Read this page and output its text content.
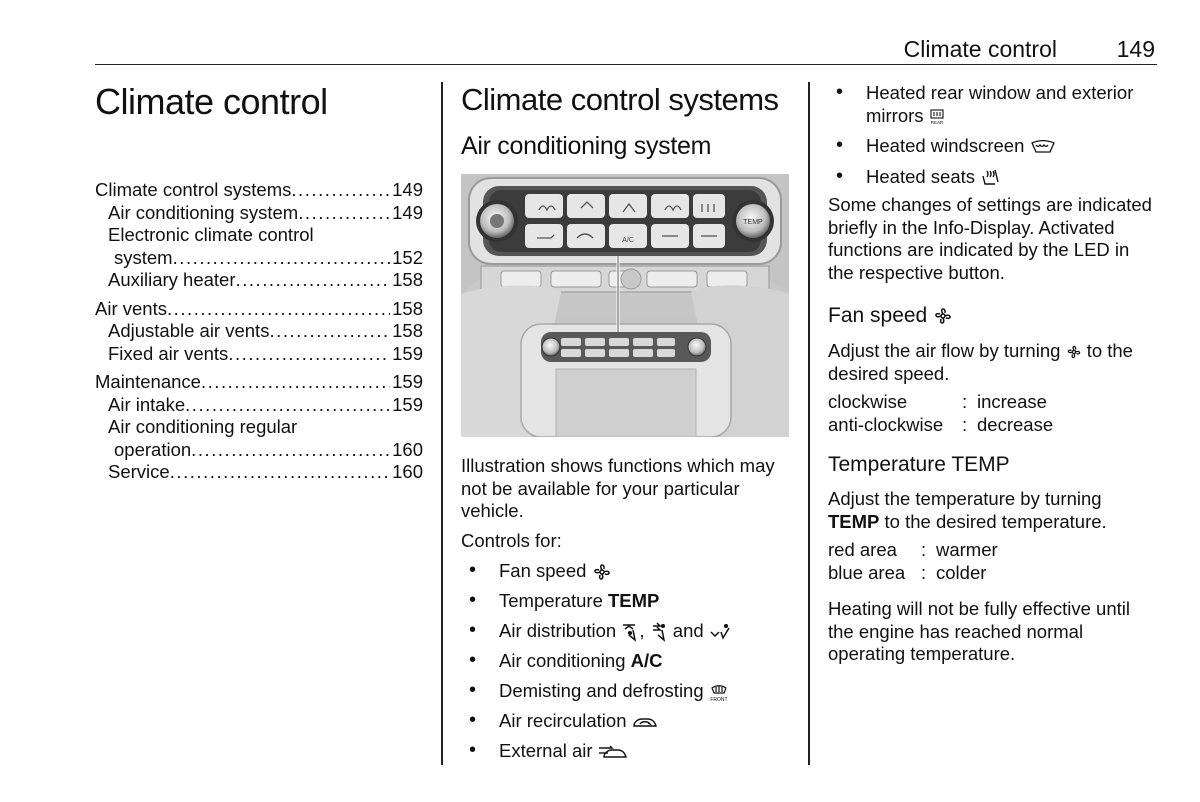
Climate control	149
Climate control
Climate control systems . . .	149
Air conditioning system . . .	149
Electronic climate control
system . . .	152
Auxiliary heater . . .	158
Air vents . . .	158
Adjustable air vents . . .	158
Fixed air vents . . .	159
Maintenance . . .	159
Air intake . . .	159
Air conditioning regular
operation . . .	160
Service . . .	160
Climate control systems
Air conditioning system
A/C
TEMP
Illustration shows functions which may not be available for your particular vehicle.
Controls for:
• Fan speed
• Temperature TEMP
• Air distribution , and
• Air conditioning A/C
• Demisting and defrosting FRONT
• Air recirculation
• External air
• Heated rear window and exterior mirrors REAR
• Heated windscreen
• Heated seats
Some changes of settings are indicated briefly in the Info-Display. Activated functions are indicated by the LED in the respective button.
Fan speed
Adjust the air flow by turning to the desired speed.
clockwise	: increase
anti-clockwise	: decrease
Temperature TEMP
Adjust the temperature by turning
TEMP to the desired temperature.
red area	: warmer
blue area : colder
Heating will not be fully effective until the engine has reached normal operating temperature.
